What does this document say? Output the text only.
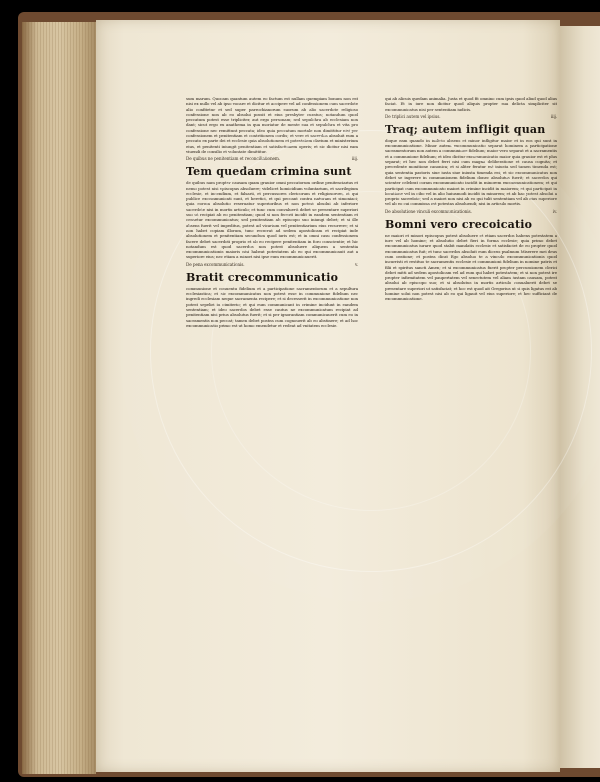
sum marum. Quocam quantum autem eo factum est nullam quempiam bonum non est nisi ex nullo vel ab ipso vocare et dicitur et accipere vel ad confessionem cum sacerdote alio confitetur et sed super parrochianorum suorum ab alio sacerdote religioso confessione non ab eo absolui possit et eius presbyter curatus; notandum quod peccatum potest esse tripliciter, aut ergo personam; sed sepulchra ab ecclesiam non dant; sicut ergo ex anathema in qua moriatur de mente sua et sepulchra et vita pro confessione nec remittunt peccata; ideo quia peccatum mortale non dimittitur nisi per confessionem et penitentiam et contritionem cordis; et vere et sacerdos absoluit eum a peccato ex parte dei et ecclesie quia absolutionem et potestatem clavium et ministerium eius, et penitenti iniungit penitentiam et satisfactionem operis; et sic dicitur nisi eam viuendi de consilio et voluntate dimittitur.

De quibus ne penitentiam et reconciliationem.	iiij.
Tem quedam crimina sunt

de quibus nam propter causam quam grauior omni peccatorum ordine penitenciarius et nemo potest nisi episcopus absoluere; videlicet homicidium voluntarium, et sacrilegium ecclesie, et incendium, et falsarii, et percussores clericorum et religiosorum, et qui publice excommunicati sunt, et heretici, et qui peccant contra naturam et simoniaci; quia eorum absolutio reseruatur superioribus et non potest absolui ab inferiore sacerdote nisi in mortis articulo; et tunc cum convaluerit debet se presentare superiori suo ut recipiat ab eo penitentiam; quod si non fecerit incidit in eandem sententiam et censetur excommunicatus; sed penitentiam ab episcopo suo iniungi debet; et si ille absens fuerit vel impeditus, potest ad vicarium vel penitentiarium eius recurrere; et si non habet copiam illorum, tunc recurrat ad sedem apostolicam et recipiat inde absolutionem et penitentiam secundum quod iuris est; et in omni casu confessionem facere debet sacerdoti proprio et ab eo recipere penitentiam in foro conscientie; et hic notandum est quod sacerdos non potest absoluere aliquem a sententia excommunicationis maioris nisi habeat potestatem ab eo qui excommunicauit aut a superiore eius; nec etiam a minori nisi ipse eum excommunicauerit.

De pena excommunicationis.	v.
Bratit crecommunicatio

communione et conuentu fidelium et a participatione sacramentorum et a sepultura ecclesiastica; et sic excommunicatus non potest esse in communione fidelium nec ingredi ecclesiam neque sacramenta recipere; et si decesserit in excommunicatione non potest sepeliri in cimiterio; et qui eum communicant in crimine incidunt in eandem sententiam; et ideo sacerdos debet esse cautus ne excommunicatum recipiat ad penitentiam nisi prius absolutus fuerit; et si per ignorantiam communicauerit cum eo in sacramentis non peccat; tamen debet postea cum cognouerit ab eo abstinere; et ad hoc excommunicatio primo est ut homo emendetur et redeat ad vnitatem ecclesie.

qui ab alicuis quedam animalia. Justa et quod fit omnino cum ipsis quod aliud quod alius faciat. Et in iure non dicitur quod aliquis propter sua delicta simpliciter sit excommunicatus nisi per sententiam iudicis.

De triplici autem vel ipsius.	iiij.
Traq; autem infligit quan

doque eam quando in iudicio absens et minor infligitur maior et in eos qui sunt in excommunicatione. Minor autem excommunicatio separat hominem a participatione sacramentorum non autem a communione fidelium; maior vero separat et a sacramentis et a communione fidelium; et ideo dicitur excommunicatio maior quia grauior est et plus separat; et hec non debet ferri nisi cum magna deliberatione et causa cognita; et precedente monitione canonica; et si aliter feratur est iniusta sed tamen timenda est; quia sententia pastoris siue iusta siue iniusta timenda est; et sic excommunicatus non debet se ingerere in communionem fidelium donec absolutus fuerit; et sacerdos qui scienter celebrat coram excommunicato incidit in minorem excommunicationem; et qui participat cum excommunicato maiori in crimine incidit in maiorem; et qui participat in locutione vel in cibo vel in alio huiusmodi incidit in minorem; et ab hac potest absolui a proprio sacerdote; sed a maiori non nisi ab eo qui tulit sententiam vel ab eius superiore vel ab eo cui commissa est potestas absoluendi; nisi in articulo mortis.

De absolutione vinculi excommunicationis.	iv.
Bomni vero crecoicatio

ne maiori et minori episcopus potest absoluere et etiam sacerdos habens potestatem a iure vel ab homine; et absolutio debet fieri in forma ecclesie; quia primo debet excommunicatus iurare quod stabit mandatis ecclesie et satisfaciet de eo propter quod excommunicatus fuit; et tunc sacerdos absoluit eum dicens psalmum Miserere mei deus cum oratione; et postea dicat Ego absoluo te a vinculo excommunicationis quod incurristi et restituo te sacramentis ecclesie et communioni fidelium in nomine patris et filii et spiritus sancti Amen; et si excommunicatus fuerit propter percussionem clerici debet mitti ad sedem apostolicam vel ad eum qui habet potestatem; et si non potest ire propter infirmitatem vel paupertatem vel senectutem vel aliam iustam causam, potest absolui ab episcopo suo; et si absolutus in mortis articulo conualuerit debet se presentare superiori ut satisfaciat; et hoc est quod ait Gregorius ut si quis ligatus est ab homine solui non potest nisi ab eo qui ligauit vel eius superiore; et hec sufficiant de excommunicatione.
